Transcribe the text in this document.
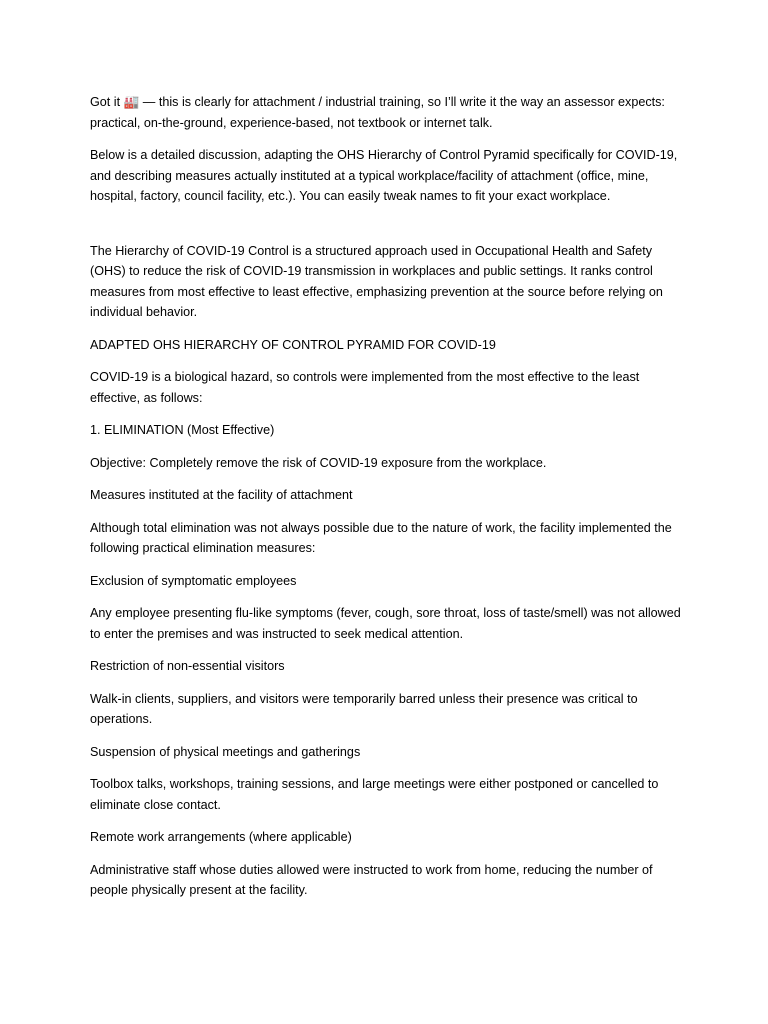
Got it 🏭 — this is clearly for attachment / industrial training, so I’ll write it the way an assessor expects: practical, on-the-ground, experience-based, not textbook or internet talk.

Below is a detailed discussion, adapting the OHS Hierarchy of Control Pyramid specifically for COVID-19, and describing measures actually instituted at a typical workplace/facility of attachment (office, mine, hospital, factory, council facility, etc.). You can easily tweak names to fit your exact workplace.

The Hierarchy of COVID-19 Control is a structured approach used in Occupational Health and Safety (OHS) to reduce the risk of COVID-19 transmission in workplaces and public settings. It ranks control measures from most effective to least effective, emphasizing prevention at the source before relying on individual behavior.

ADAPTED OHS HIERARCHY OF CONTROL PYRAMID FOR COVID-19

COVID-19 is a biological hazard, so controls were implemented from the most effective to the least effective, as follows:

1. ELIMINATION (Most Effective)

Objective: Completely remove the risk of COVID-19 exposure from the workplace.

Measures instituted at the facility of attachment

Although total elimination was not always possible due to the nature of work, the facility implemented the following practical elimination measures:

Exclusion of symptomatic employees

Any employee presenting flu-like symptoms (fever, cough, sore throat, loss of taste/smell) was not allowed to enter the premises and was instructed to seek medical attention.

Restriction of non-essential visitors

Walk-in clients, suppliers, and visitors were temporarily barred unless their presence was critical to operations.

Suspension of physical meetings and gatherings

Toolbox talks, workshops, training sessions, and large meetings were either postponed or cancelled to eliminate close contact.

Remote work arrangements (where applicable)

Administrative staff whose duties allowed were instructed to work from home, reducing the number of people physically present at the facility.
